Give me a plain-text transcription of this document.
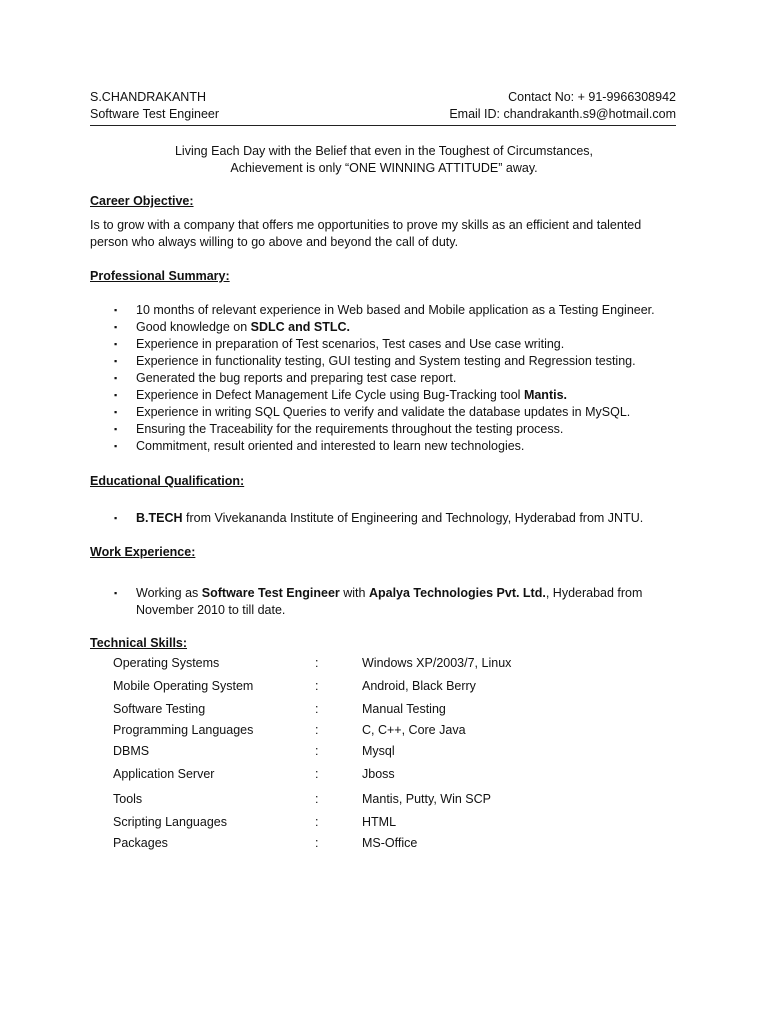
S.CHANDRAKANTH
Software Test Engineer
Contact No: + 91-9966308942
Email ID: chandrakanth.s9@hotmail.com
Living Each Day with the Belief that even in the Toughest of Circumstances,
Achievement is only “ONE WINNING ATTITUDE” away.
Career Objective:
Is to grow with a company that offers me opportunities to prove my skills as an efficient and talented person who always willing to go above and beyond the call of duty.
Professional Summary:
▪ 10 months of relevant experience in Web based and Mobile application as a Testing Engineer.
▪ Good knowledge on SDLC and STLC.
▪ Experience in preparation of Test scenarios, Test cases and Use case writing.
▪ Experience in functionality testing, GUI testing and System testing and Regression testing.
▪ Generated the bug reports and preparing test case report.
▪ Experience in Defect Management Life Cycle using Bug-Tracking tool Mantis.
▪ Experience in writing SQL Queries to verify and validate the database updates in MySQL.
▪ Ensuring the Traceability for the requirements throughout the testing process.
▪ Commitment, result oriented and interested to learn new technologies.
Educational Qualification:
▪ B.TECH from Vivekananda Institute of Engineering and Technology, Hyderabad from JNTU.
Work Experience:
▪ Working as Software Test Engineer with Apalya Technologies Pvt. Ltd., Hyderabad from November 2010 to till date.
Technical Skills:
Operating Systems	:	Windows XP/2003/7, Linux
Mobile Operating System	:	Android, Black Berry
Software Testing	:	Manual Testing
Programming Languages	:	C, C++, Core Java
DBMS	:	Mysql
Application Server	:	Jboss
Tools	:	Mantis, Putty, Win SCP
Scripting Languages	:	HTML
Packages	:	MS-Office
